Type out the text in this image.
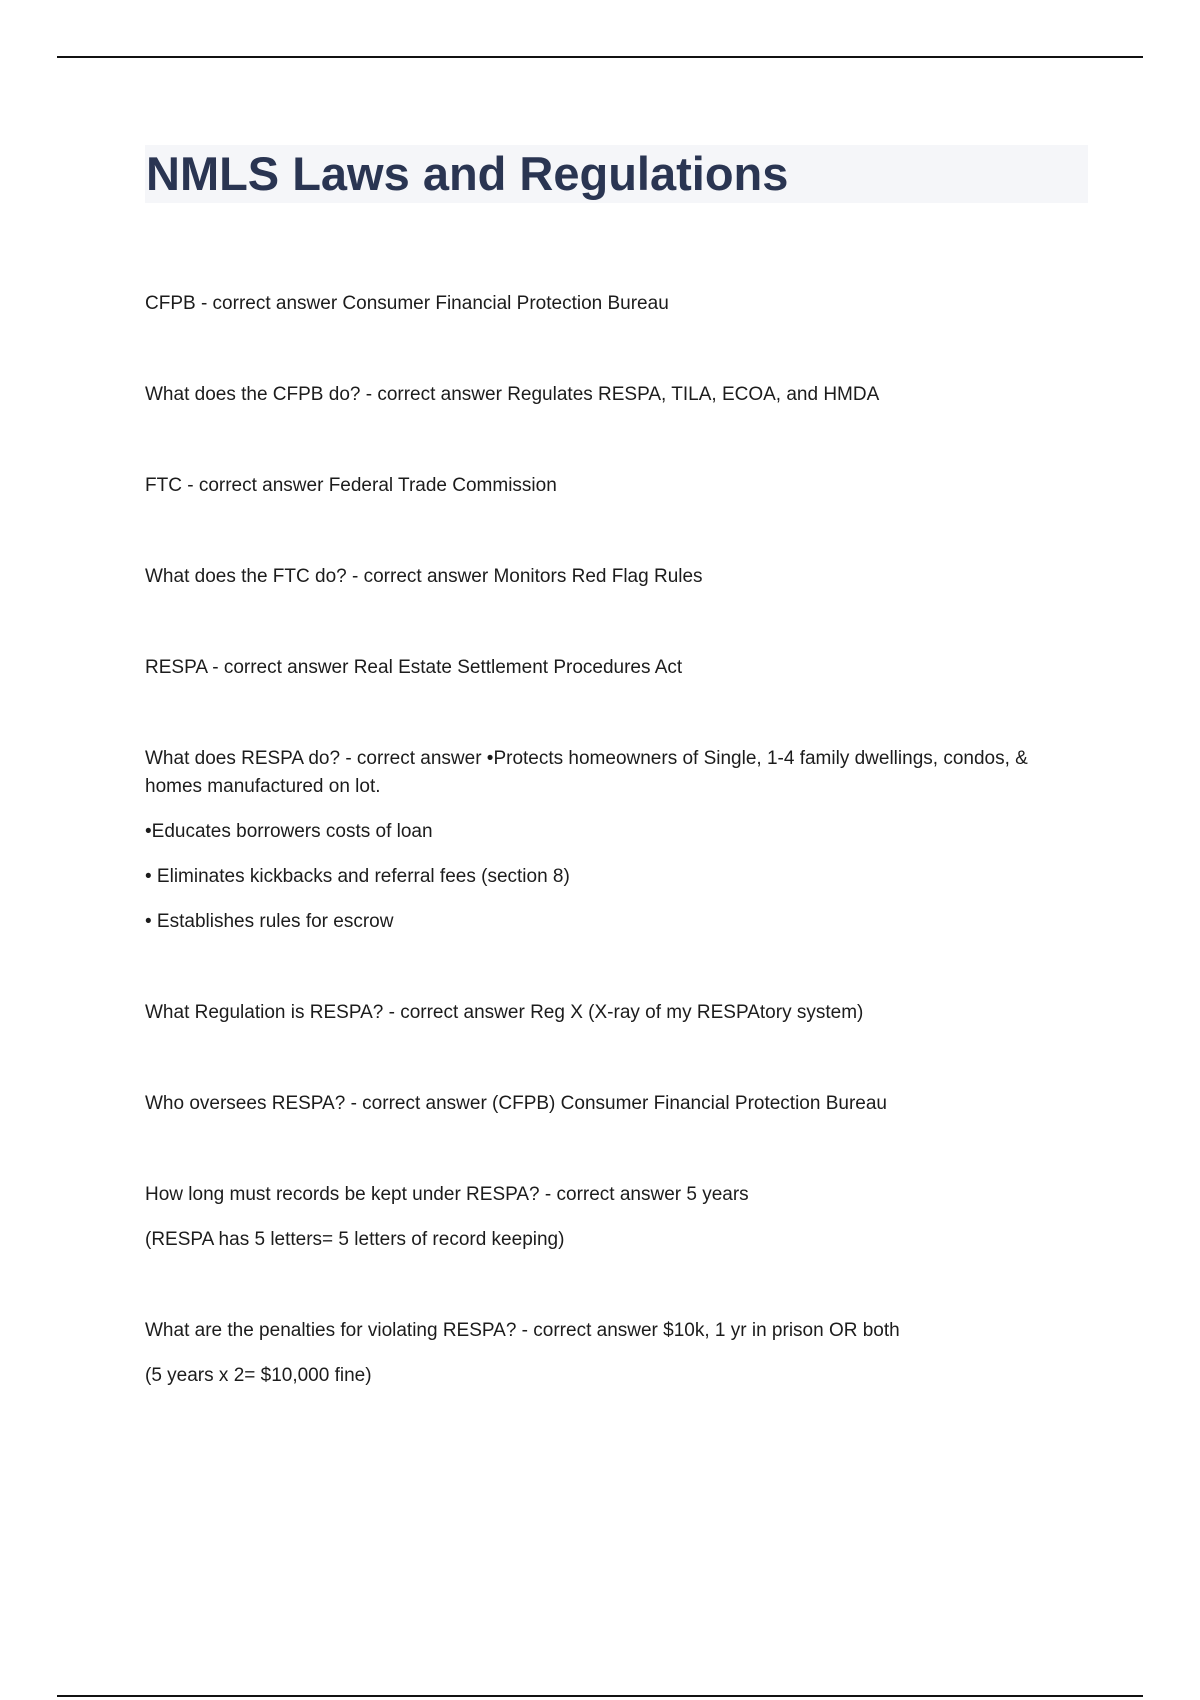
NMLS Laws and Regulations

CFPB - correct answer Consumer Financial Protection Bureau

What does the CFPB do? - correct answer Regulates RESPA, TILA, ECOA, and HMDA

FTC - correct answer Federal Trade Commission

What does the FTC do? - correct answer Monitors Red Flag Rules

RESPA - correct answer Real Estate Settlement Procedures Act

What does RESPA do? - correct answer •Protects homeowners of Single, 1-4 family dwellings, condos, & homes manufactured on lot.

•Educates borrowers costs of loan

• Eliminates kickbacks and referral fees (section 8)

• Establishes rules for escrow

What Regulation is RESPA? - correct answer Reg X (X-ray of my RESPAtory system)

Who oversees RESPA? - correct answer (CFPB) Consumer Financial Protection Bureau

How long must records be kept under RESPA? - correct answer 5 years

(RESPA has 5 letters= 5 letters of record keeping)

What are the penalties for violating RESPA? - correct answer $10k, 1 yr in prison OR both

(5 years x 2= $10,000 fine)
